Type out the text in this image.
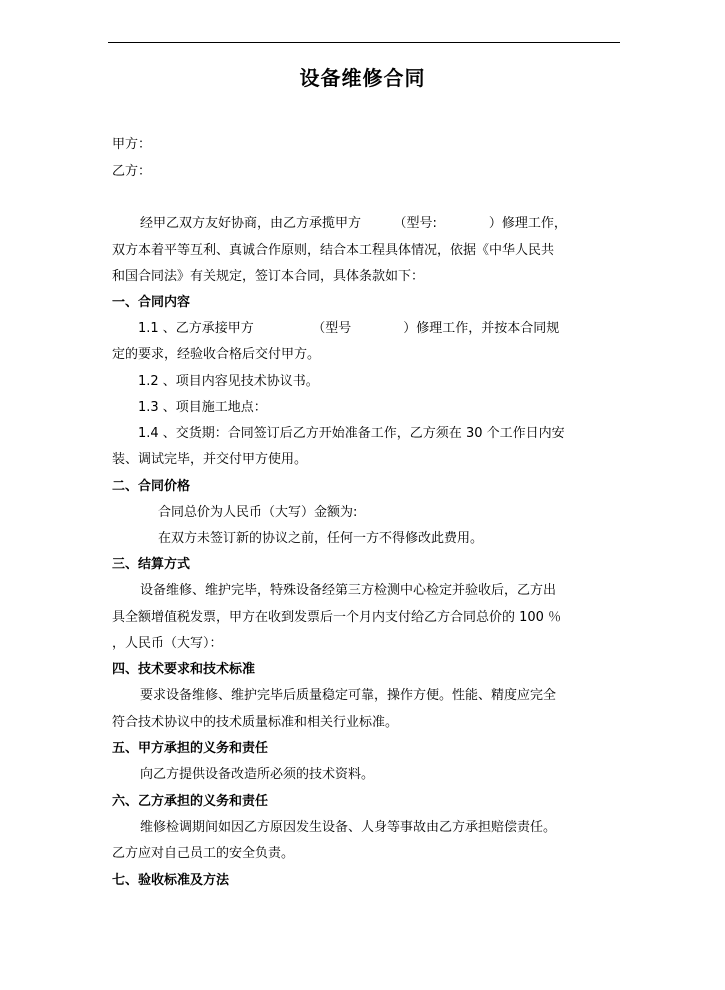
设备维修合同
甲方：
乙方：
经甲乙双方友好协商，由乙方承揽甲方　　　（型号:　　　　）修理工作，
双方本着平等互利、真诚合作原则，结合本工程具体情况，依据《中华人民共
和国合同法》有关规定，签订本合同，具体条款如下：
一、合同内容
1.1 、乙方承接甲方　　　　　（型号　　　　）修理工作，并按本合同规
定的要求，经验收合格后交付甲方。
1.2 、项目内容见技术协议书。
1.3 、项目施工地点：
1.4 、交货期：合同签订后乙方开始准备工作，乙方须在 30 个工作日内安
装、调试完毕，并交付甲方使用。
二、合同价格
合同总价为人民币（大写）金额为:
在双方未签订新的协议之前，任何一方不得修改此费用。
三、结算方式
设备维修、维护完毕，特殊设备经第三方检测中心检定并验收后，乙方出
具全额增值税发票，甲方在收到发票后一个月内支付给乙方合同总价的 100 ％
，人民币（大写）：
四、技术要求和技术标准
要求设备维修、维护完毕后质量稳定可靠，操作方便。性能、精度应完全
符合技术协议中的技术质量标准和相关行业标准。
五、甲方承担的义务和责任
向乙方提供设备改造所必须的技术资料。
六、乙方承担的义务和责任
维修检调期间如因乙方原因发生设备、人身等事故由乙方承担赔偿责任。
乙方应对自己员工的安全负责。
七、验收标准及方法
